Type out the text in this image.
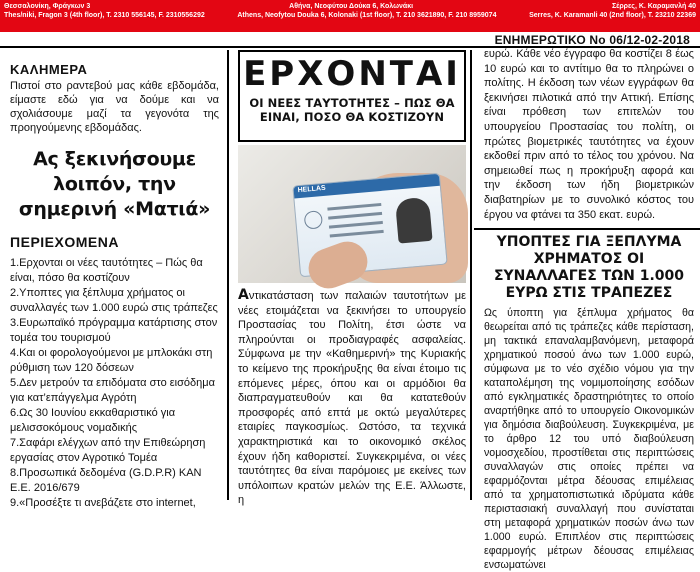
Θεσσαλονίκη, Φράγκων 3	Αθήνα, Νεοφύτου Δούκα 6, Κολωνάκι	Σέρρες, Κ. Καραμανλή 40
Thes/niki, Fragon 3 (4th floor), T. 2310 556145, F. 2310556292	Athens, Neofytou Douka 6, Kolonaki (1st floor), T. 210 3621890, F. 210 8959074	Serres, K. Karamanli 40 (2nd floor), T. 23210 22369
ΕΝΗΜΕΡΩΤΙΚΟ Νο 06/12-02-2018
ΚΑΛΗΜΕΡΑ

Πιστοί στο ραντεβού μας κάθε εβδομάδα, είμαστε εδώ για να δούμε και να σχολιάσουμε μαζί τα γεγονότα της προηγούμενης εβδομάδας.

Ας ξεκινήσουμε λοιπόν, την σημερινή «Ματιά»
ΠΕΡΙΕΧΟΜΕΝΑ
1.Ερχονται οι νέες ταυτότητες – Πώς θα είναι, πόσο θα κοστίζουν
2.Υποπτες για ξέπλυμα χρήματος οι συναλλαγές των 1.000 ευρώ στις τράπεζες
3.Ευρωπαϊκό πρόγραμμα κατάρτισης στον τομέα του τουρισμού
4.Και οι φορολογούμενοι με μπλοκάκι στη ρύθμιση των 120 δόσεων
5.Δεν μετρούν τα επιδόματα στο εισόδημα για κατ’επάγγελμα Αγρότη
6.Ως 30 Ιουνίου εκκαθαριστικό για μελισσοκόμους νομαδικής
7.Σαφάρι ελέγχων από την Επιθεώρηση εργασίας στον Αγροτικό Τομέα
8.Προσωπικά δεδομένα (G.D.P.R) ΚΑΝ Ε.Ε. 2016/679
9.«Προσέξτε τι ανεβάζετε στο internet,
ΕΡΧΟΝΤΑΙ
ΟΙ ΝΕΕΣ ΤΑΥΤΟΤΗΤΕΣ – ΠΩΣ ΘΑ ΕΙΝΑΙ, ΠΟΣΟ ΘΑ ΚΟΣΤΙΖΟΥΝ
HELLAS
Αντικατάσταση των παλαιών ταυτοτήτων με νέες ετοιμάζεται να ξεκινήσει το υπουργείο Προστασίας του Πολίτη, έτσι ώστε να πληρούνται οι προδιαγραφές ασφαλείας. Σύμφωνα με την «Καθημερινή» της Κυριακής το κείμενο της προκήρυξης θα είναι έτοιμο τις επόμενες μέρες, όπου και οι αρμόδιοι θα διαπραγματευθούν και θα κατατεθούν προσφορές από επτά με οκτώ μεγαλύτερες εταιρίες παγκοσμίως. Ωστόσο, τα τεχνικά χαρακτηριστικά και το οικονομικό σκέλος έχουν ήδη καθοριστεί. Συγκεκριμένα, οι νέες ταυτότητες θα είναι παρόμοιες με εκείνες των υπόλοιπων κρατών μελών της Ε.Ε. Άλλωστε, η

ευρώ. Κάθε νέο έγγραφο θα κοστίζει 8 έως 10 ευρώ και το αντίτιμο θα το πληρώνει ο πολίτης. Η έκδοση των νέων εγγράφων θα ξεκινήσει πιλοτικά από την Αττική. Επίσης είναι πρόθεση των επιτελών του υπουργείου Προστασίας του πολίτη, οι πρώτες βιομετρικές ταυτότητες να έχουν εκδοθεί πριν από το τέλος του χρόνου. Να σημειωθεί πως η προκήρυξη αφορά και την έκδοση των ήδη βιομετρικών διαβατηρίων με το συνολικό κόστος του έργου να φτάνει τα 350 εκατ. ευρώ.

ΥΠΟΠΤΕΣ ΓΙΑ ΞΕΠΛΥΜΑ ΧΡΗΜΑΤΟΣ ΟΙ ΣΥΝΑΛΛΑΓΕΣ ΤΩΝ 1.000 ΕΥΡΩ ΣΤΙΣ ΤΡΑΠΕΖΕΣ

Ως ύποπτη για ξέπλυμα χρήματος θα θεωρείται από τις τράπεζες κάθε περίσταση, μη τακτικά επαναλαμβανόμενη, μεταφορά χρηματικού ποσού άνω των 1.000 ευρώ, σύμφωνα με το νέο σχέδιο νόμου για την καταπολέμηση της νομιμοποίησης εσόδων από εγκληματικές δραστηριότητες το οποίο αναρτήθηκε από το υπουργείο Οικονομικών για δημόσια διαβούλευση. Συγκεκριμένα, με το άρθρο 12 του υπό διαβούλευση νομοσχεδίου, προστίθεται στις περιπτώσεις συναλλαγών στις οποίες πρέπει να εφαρμόζονται μέτρα δέουσας επιμέλειας από τα χρηματοπιστωτικά ιδρύματα κάθε περιστασιακή συναλλαγή που συνίσταται στη μεταφορά χρηματικών ποσών άνω των 1.000 ευρώ. Επιπλέον στις περιπτώσεις εφαρμογής μέτρων δέουσας επιμέλειας ενσωματώνει
